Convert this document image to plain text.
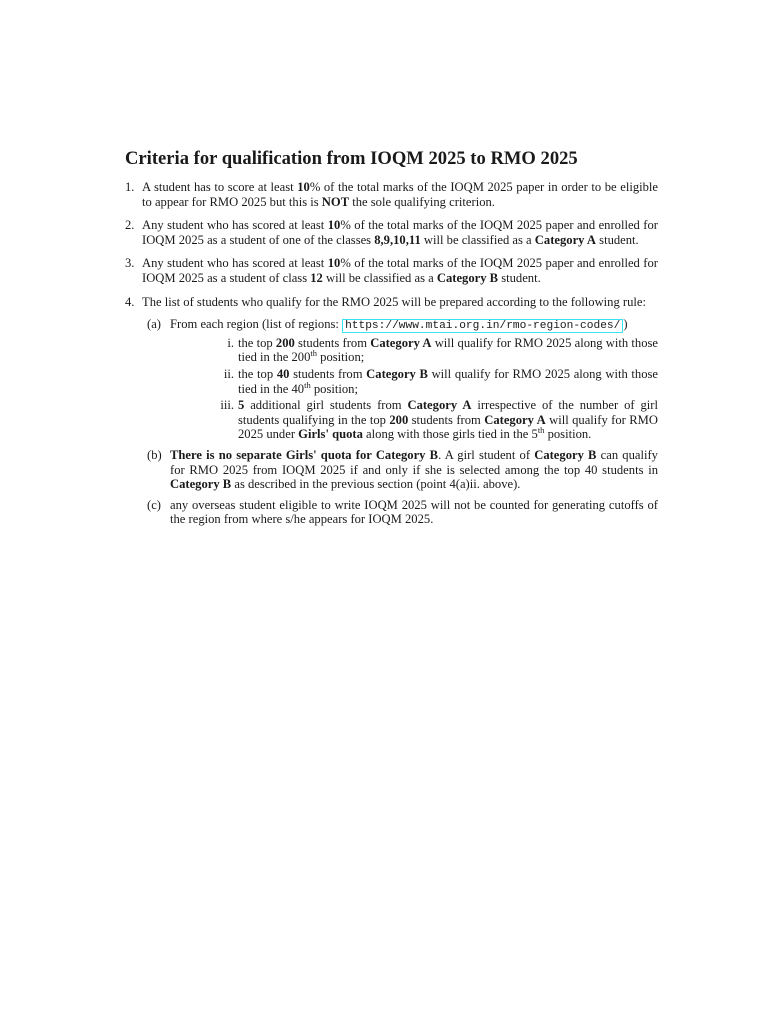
Criteria for qualification from IOQM 2025 to RMO 2025
1. A student has to score at least 10% of the total marks of the IOQM 2025 paper in order to be eligible to appear for RMO 2025 but this is NOT the sole qualifying criterion.
2. Any student who has scored at least 10% of the total marks of the IOQM 2025 paper and enrolled for IOQM 2025 as a student of one of the classes 8,9,10,11 will be classified as a Category A student.
3. Any student who has scored at least 10% of the total marks of the IOQM 2025 paper and enrolled for IOQM 2025 as a student of class 12 will be classified as a Category B student.
4. The list of students who qualify for the RMO 2025 will be prepared according to the following rule:
(a) From each region (list of regions: https://www.mtai.org.in/rmo-region-codes/ )
i. the top 200 students from Category A will qualify for RMO 2025 along with those tied in the 200th position;
ii. the top 40 students from Category B will qualify for RMO 2025 along with those tied in the 40th position;
iii. 5 additional girl students from Category A irrespective of the number of girl students qualifying in the top 200 students from Category A will qualify for RMO 2025 under Girls' quota along with those girls tied in the 5th position.
(b) There is no separate Girls' quota for Category B. A girl student of Category B can qualify for RMO 2025 from IOQM 2025 if and only if she is selected among the top 40 students in Category B as described in the previous section (point 4(a)ii. above).
(c) any overseas student eligible to write IOQM 2025 will not be counted for generating cutoffs of the region from where s/he appears for IOQM 2025.
